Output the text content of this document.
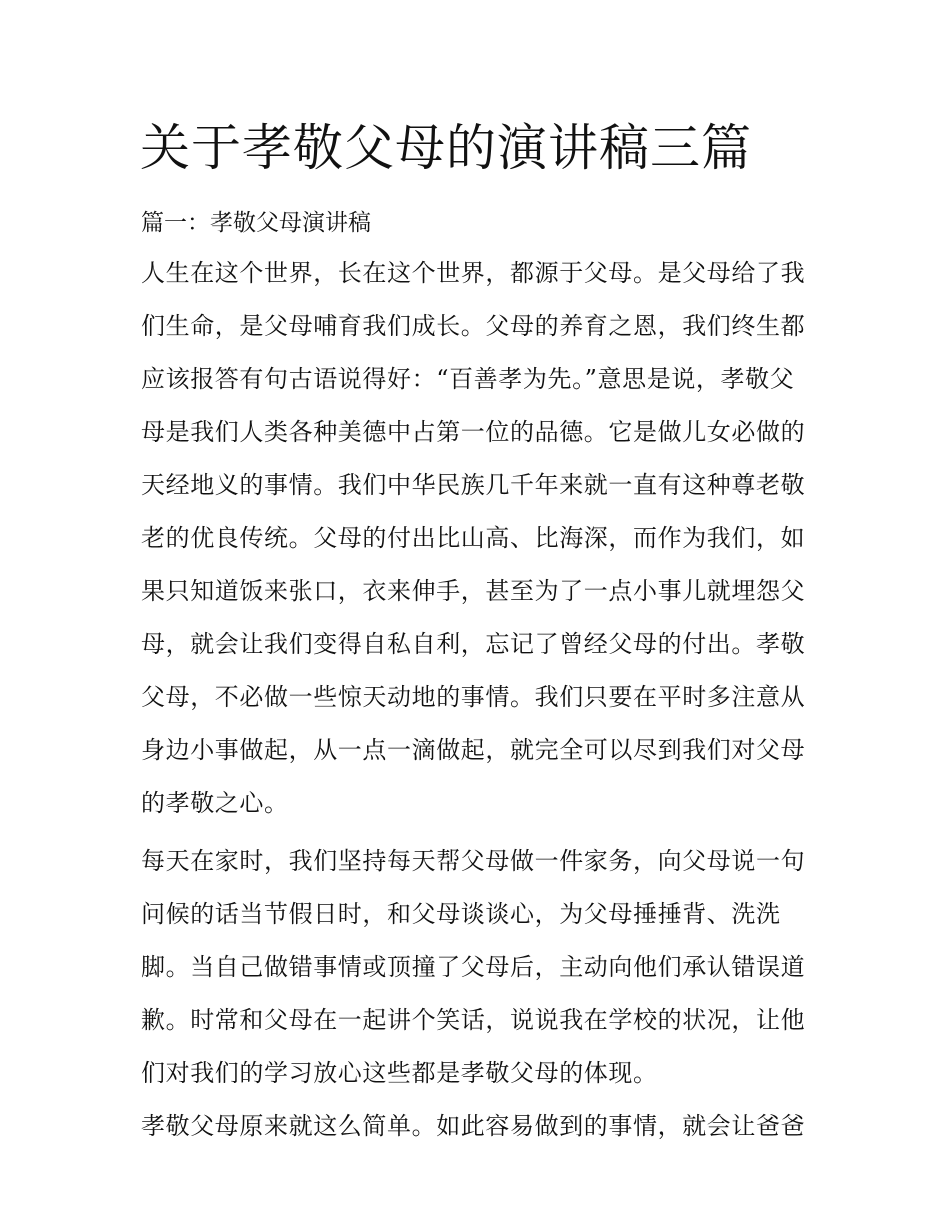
关于孝敬父母的演讲稿三篇
篇一：孝敬父母演讲稿

人生在这个世界，长在这个世界，都源于父母。是父母给了我

们生命，是父母哺育我们成长。父母的养育之恩，我们终生都

应该报答有句古语说得好：“百善孝为先。”意思是说，孝敬父

母是我们人类各种美德中占第一位的品德。它是做儿女必做的

天经地义的事情。我们中华民族几千年来就一直有这种尊老敬

老的优良传统。父母的付出比山高、比海深，而作为我们，如

果只知道饭来张口，衣来伸手，甚至为了一点小事儿就埋怨父

母，就会让我们变得自私自利，忘记了曾经父母的付出。孝敬

父母，不必做一些惊天动地的事情。我们只要在平时多注意从

身边小事做起，从一点一滴做起，就完全可以尽到我们对父母

的孝敬之心。

每天在家时，我们坚持每天帮父母做一件家务，向父母说一句

问候的话当节假日时，和父母谈谈心，为父母捶捶背、洗洗

脚。当自己做错事情或顶撞了父母后，主动向他们承认错误道

歉。时常和父母在一起讲个笑话，说说我在学校的状况，让他

们对我们的学习放心这些都是孝敬父母的体现。

孝敬父母原来就这么简单。如此容易做到的事情，就会让爸爸
